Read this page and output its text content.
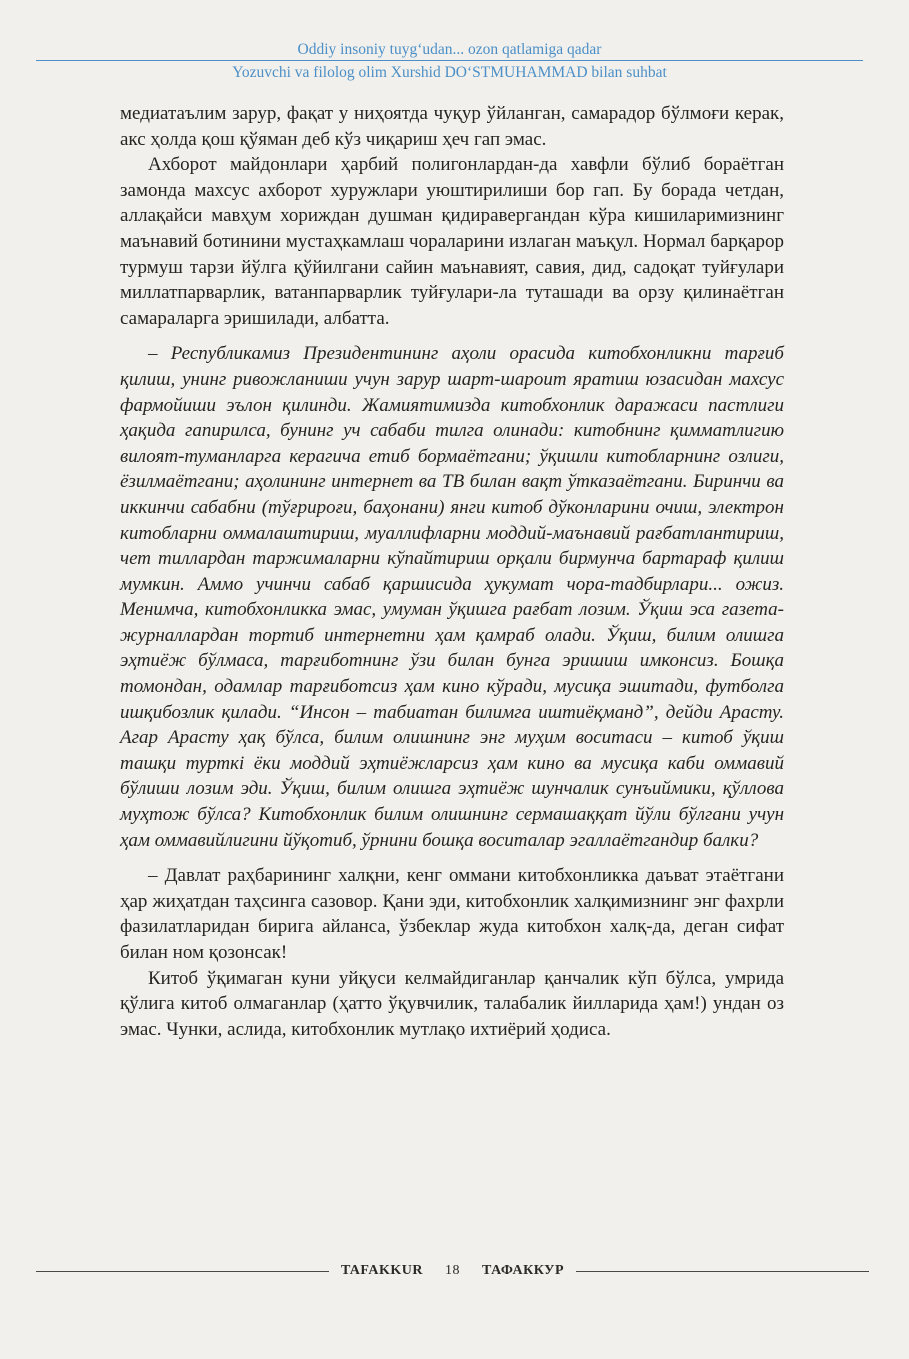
Oddiy insoniy tuyg‘udan... ozon qatlamiga qadar
Yozuvchi va filolog olim Xurshid DO‘STMUHAMMAD bilan suhbat

медиатаълим зарур, фақат у ниҳоятда чуқур ўйланган, самарадор бўлмоғи керак, акс ҳолда қош қўяман деб кўз чиқариш ҳеч гап эмас.

Ахборот майдонлари ҳарбий полигонлардан-да хавфли бўлиб бораётган замонда махсус ахборот хуружлари уюштирилиши бор гап. Бу борада четдан, аллақайси мавҳум хориждан душман қидиравергандан кўра кишиларимизнинг маънавий ботинини мустаҳкамлаш чораларини излаган маъқул. Нормал барқарор турмуш тарзи йўлга қўйилгани сайин маънавият, савия, дид, садоқат туйғулари миллатпарварлик, ватанпарварлик туйғулари-ла туташади ва орзу қилинаётган самараларга эришилади, албатта.

– Республикамиз Президентининг аҳоли орасида китобхонликни тарғиб қилиш, унинг ривожланиши учун зарур шарт-шароит яратиш юзасидан махсус фармойиши эълон қилинди. Жамиятимизда китобхонлик даражаси пастлиги ҳақида гапирилса, бунинг уч сабаби тилга олинади: китобнинг қимматлигию вилоят-туманларга керагича етиб бормаётгани; ўқишли китобларнинг озлиги, ёзилмаётгани; аҳолининг интернет ва ТВ билан вақт ўтказаётгани. Биринчи ва иккинчи сабабни (тўғрироғи, баҳонани) янги китоб дўконларини очиш, электрон китобларни оммалаштириш, муаллифларни моддий-маънавий рағбатлантириш, чет тиллардан таржималарни кўпайтириш орқали бирмунча бартараф қилиш мумкин. Аммо учинчи сабаб қаршисида ҳукумат чора-тадбирлари... ожиз. Менимча, китобхонликка эмас, умуман ўқишга рағбат лозим. Ўқиш эса газета-журналлардан тортиб интернетни ҳам қамраб олади. Ўқиш, билим олишга эҳтиёж бўлмаса, тарғиботнинг ўзи билан бунга эришиш имконсиз. Бошқа томондан, одамлар тарғиботсиз ҳам кино кўради, мусиқа эшитади, футболга ишқибозлик қилади. “Инсон – табиатан билимга иштиёқманд”, дейди Арасту. Агар Арасту ҳақ бўлса, билим олишнинг энг муҳим воситаси – китоб ўқиш ташқи турткi ёки моддий эҳтиёжларсиз ҳам кино ва мусиқа каби оммавий бўлиши лозим эди. Ўқиш, билим олишга эҳтиёж шунчалик сунъиймики, қўллова муҳтож бўлса? Китобхонлик билим олишнинг сермашаққат йўли бўлгани учун ҳам оммавийлигини йўқотиб, ўрнини бошқа воситалар эгаллаётгандир балки?

– Давлат раҳбарининг халқни, кенг оммани китобхонликка даъват этаётгани ҳар жиҳатдан таҳсинга сазовор. Қани эди, китобхонлик халқимизнинг энг фахрли фазилатларидан бирига айланса, ўзбеклар жуда китобхон халқ-да, деган сифат билан ном қозонсак!

Китоб ўқимаган куни уйқуси келмайдиганлар қанчалик кўп бўлса, умрида қўлига китоб олмаганлар (ҳатто ўқувчилик, талабалик йилларида ҳам!) ундан оз эмас. Чунки, аслида, китобхонлик мутлақо ихтиёрий ҳодиса.

TAFAKKUR	18	ТАФАККУР
